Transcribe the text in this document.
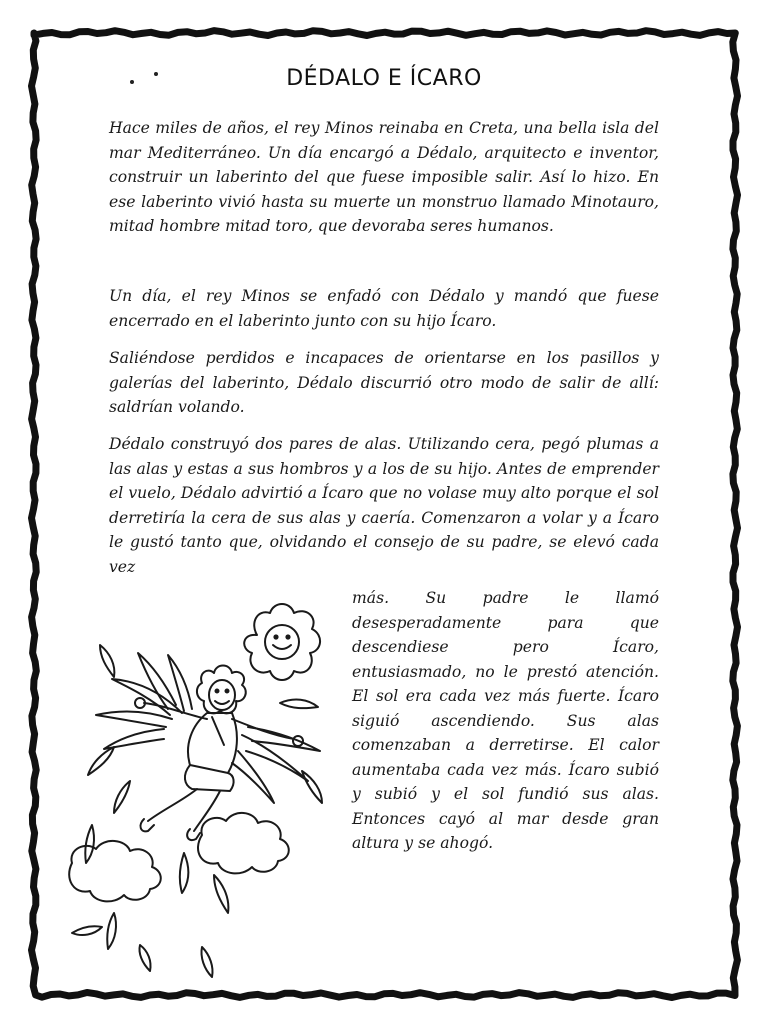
DÉDALO E ÍCARO

Hace miles de años, el rey Minos reinaba en Creta, una bella isla del mar Mediterráneo. Un día encargó a Dédalo, arquitecto e inventor, construir un laberinto del que fuese imposible salir. Así lo hizo. En ese laberinto vivió hasta su muerte un monstruo llamado Minotauro, mitad hombre mitad toro, que devoraba seres humanos.

Un día, el rey Minos se enfadó con Dédalo y mandó que fuese encerrado en el laberinto junto con su hijo Ícaro.

Saliéndose perdidos e incapaces de orientarse en los pasillos y galerías del laberinto, Dédalo discurrió otro modo de salir de allí: saldrían volando.

Dédalo construyó dos pares de alas. Utilizando cera, pegó plumas a las alas y estas a sus hombros y a los de su hijo. Antes de emprender el vuelo, Dédalo advirtió a Ícaro que no volase muy alto porque el sol derretiría la cera de sus alas y caería. Comenzaron a volar y a Ícaro le gustó tanto que, olvidando el consejo de su padre, se elevó cada vez

más. Su padre le llamó desesperadamente para que descendiese pero Ícaro, entusiasmado, no le prestó atención. El sol era cada vez más fuerte. Ícaro siguió ascendiendo. Sus alas comenzaban a derretirse. El calor aumentaba cada vez más. Ícaro subió y subió y el sol fundió sus alas. Entonces cayó al mar desde gran altura y se ahogó.
